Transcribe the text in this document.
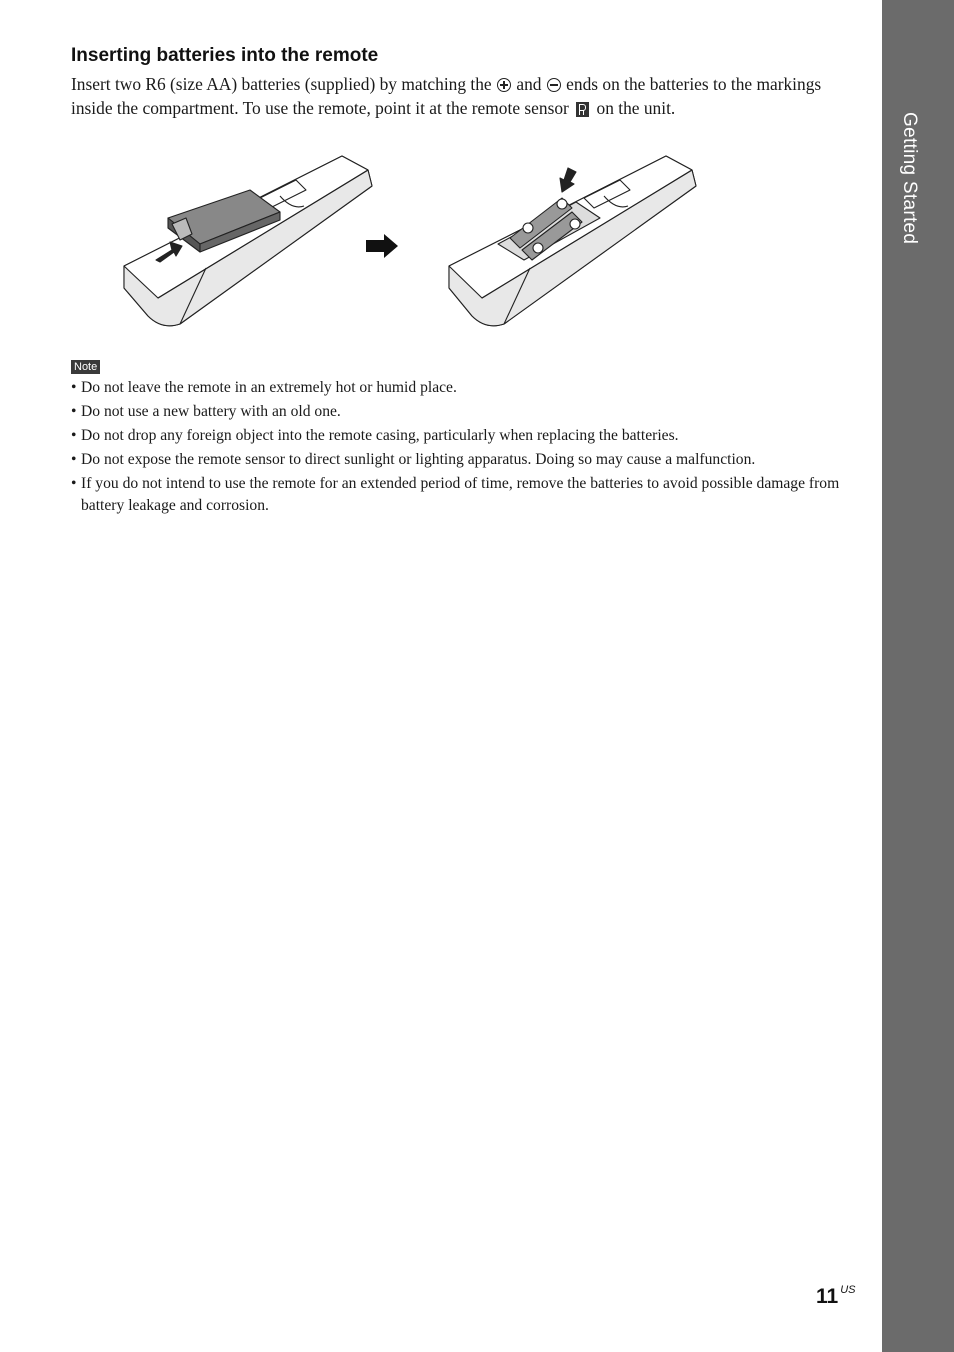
Getting Started
Inserting batteries into the remote

Insert two R6 (size AA) batteries (supplied) by matching the  and  ends on the batteries to the markings inside the compartment. To use the remote, point it at the remote sensor  on the unit.

Note
• Do not leave the remote in an extremely hot or humid place.
• Do not use a new battery with an old one.
• Do not drop any foreign object into the remote casing, particularly when replacing the batteries.
• Do not expose the remote sensor to direct sunlight or lighting apparatus. Doing so may cause a malfunction.
• If you do not intend to use the remote for an extended period of time, remove the batteries to avoid possible damage from battery leakage and corrosion.
11 $^{US}$
